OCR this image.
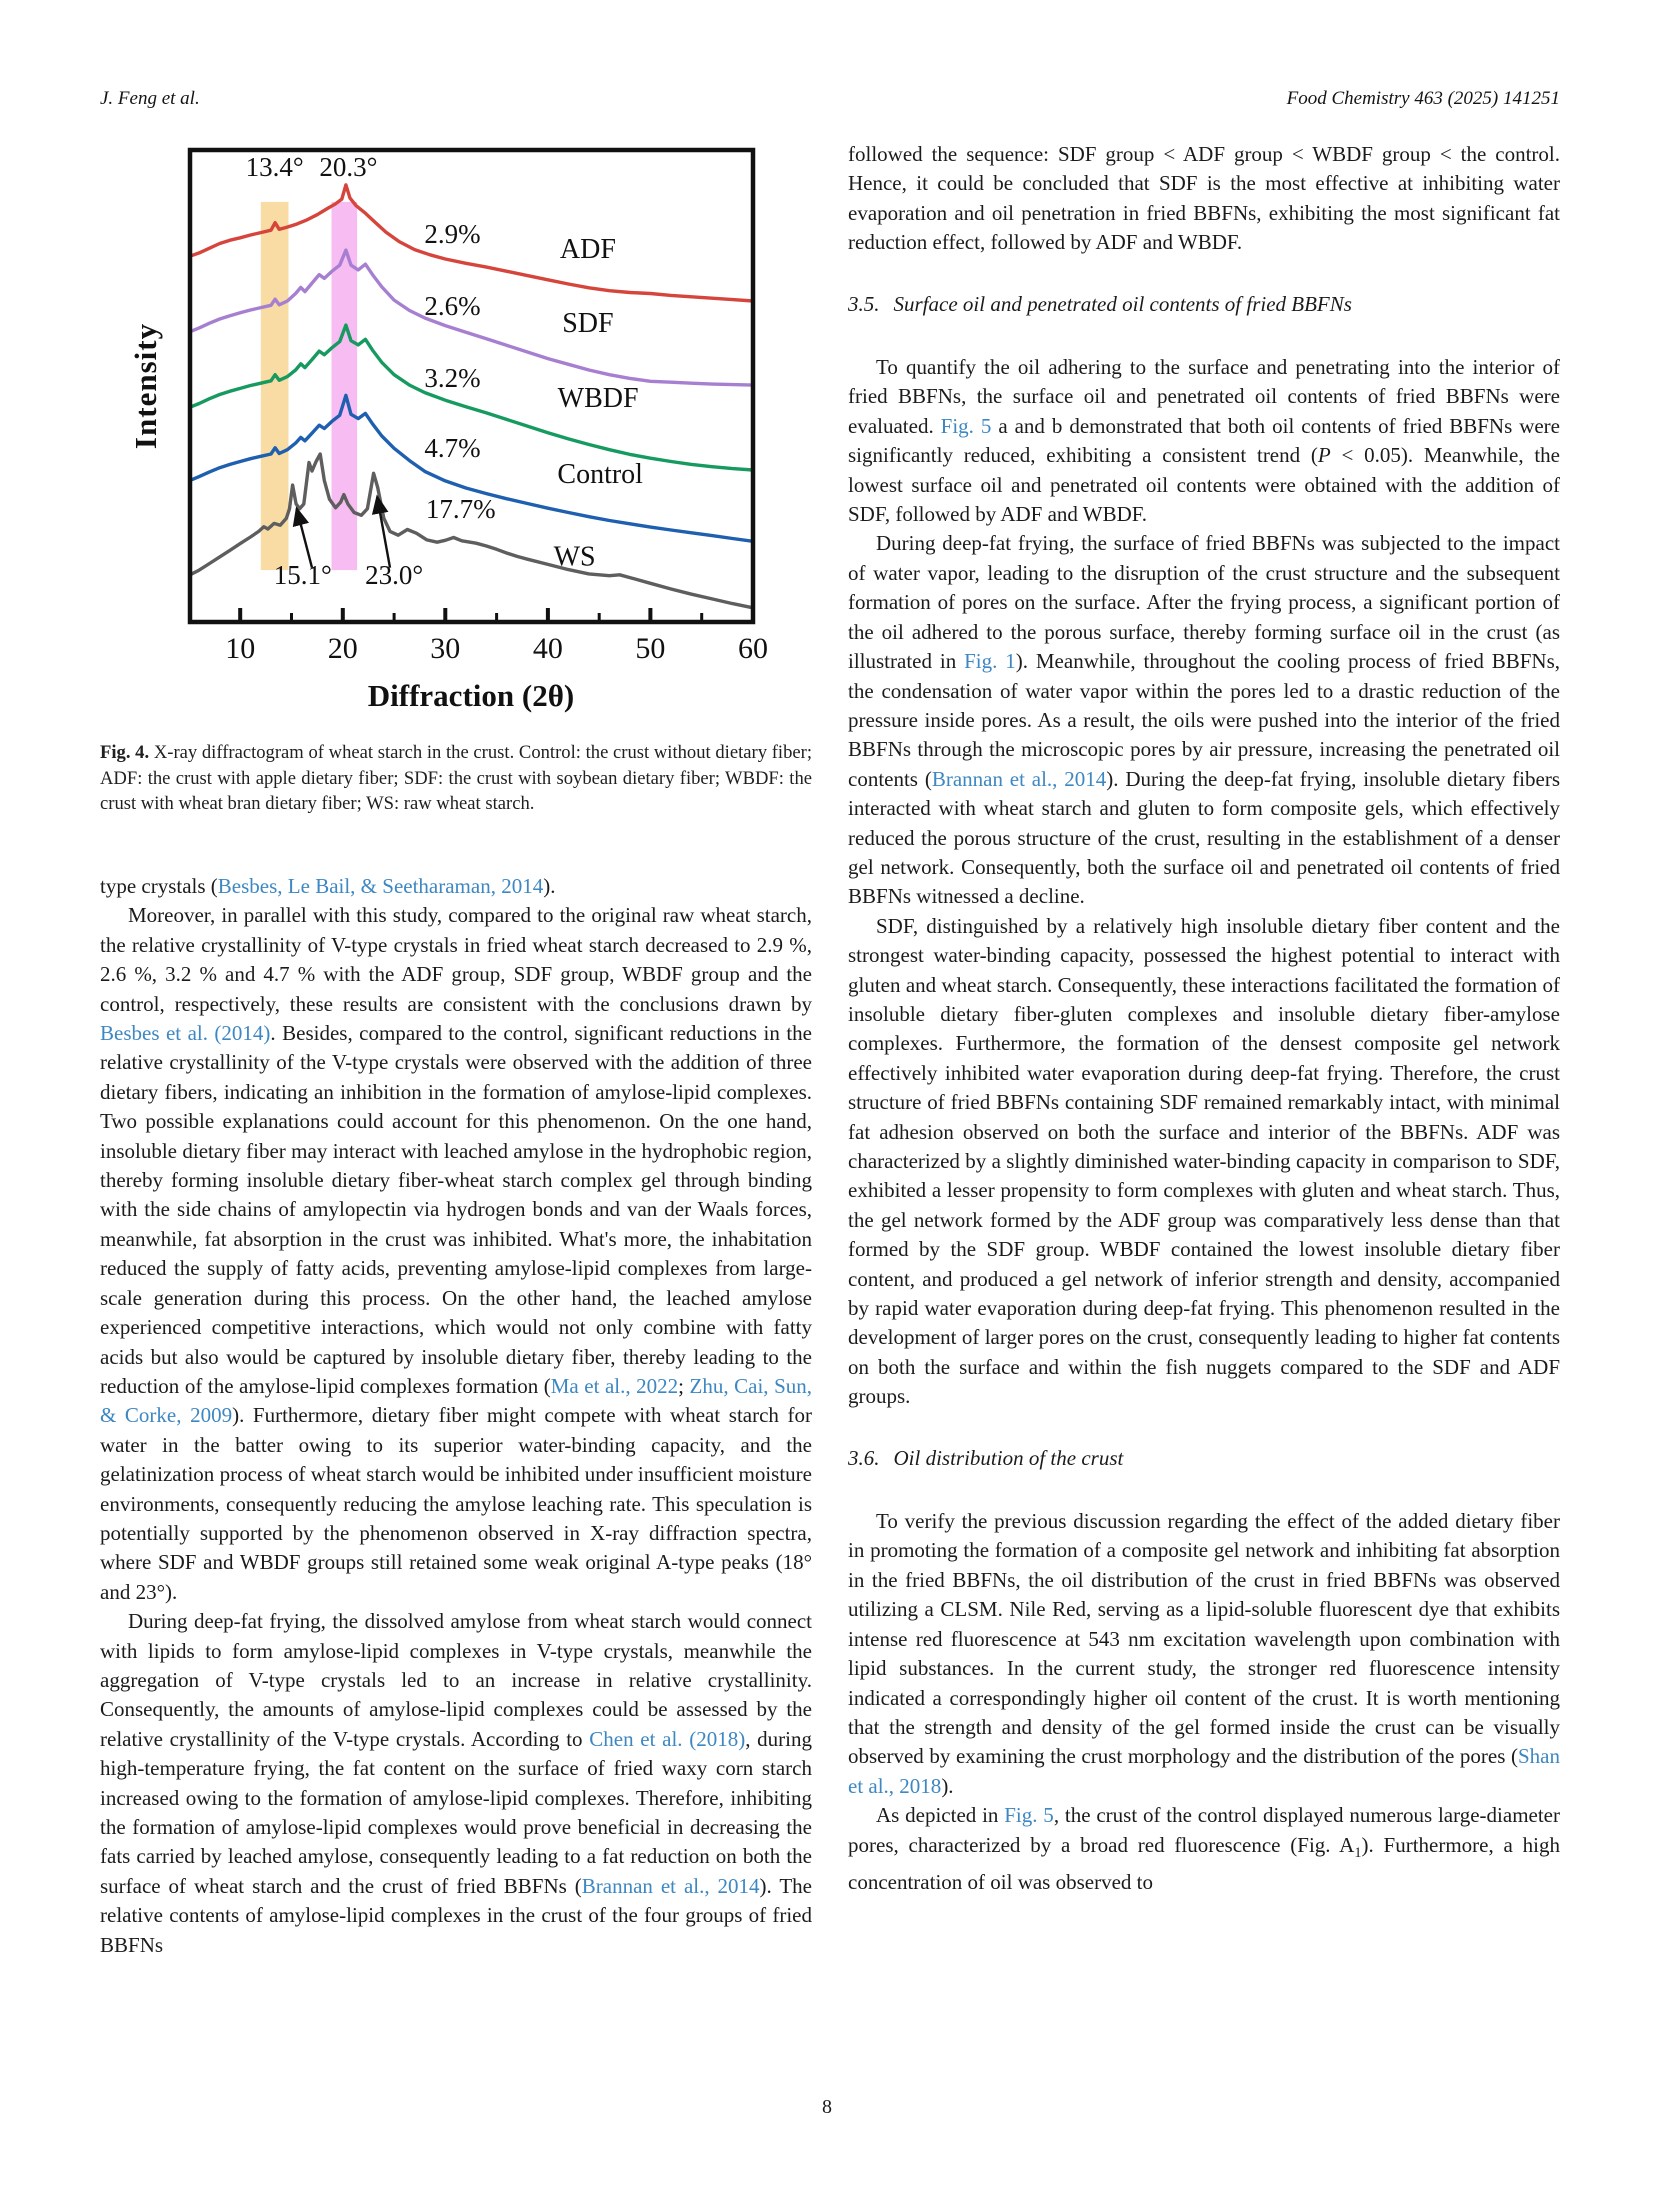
J. Feng et al.	Food Chemistry 463 (2025) 141251
2.9%
ADF
2.6%
SDF
3.2%
WBDF
4.7%
Control
17.7%
WS
13.4° 20.3°
15.1° 23.0°
10 20 30 40 50 60
Diffraction (2θ)
Intensity

Fig. 4. X-ray diffractogram of wheat starch in the crust. Control: the crust without dietary fiber; ADF: the crust with apple dietary fiber; SDF: the crust with soybean dietary fiber; WBDF: the crust with wheat bran dietary fiber; WS: raw wheat starch.

type crystals (Besbes, Le Bail, & Seetharaman, 2014).

Moreover, in parallel with this study, compared to the original raw wheat starch, the relative crystallinity of V-type crystals in fried wheat starch decreased to 2.9 %, 2.6 %, 3.2 % and 4.7 % with the ADF group, SDF group, WBDF group and the control, respectively, these results are consistent with the conclusions drawn by Besbes et al. (2014). Besides, compared to the control, significant reductions in the relative crystallinity of the V-type crystals were observed with the addition of three dietary fibers, indicating an inhibition in the formation of amylose-lipid complexes. Two possible explanations could account for this phenomenon. On the one hand, insoluble dietary fiber may interact with leached amylose in the hydrophobic region, thereby forming insoluble dietary fiber-wheat starch complex gel through binding with the side chains of amylopectin via hydrogen bonds and van der Waals forces, meanwhile, fat absorption in the crust was inhibited. What's more, the inhabitation reduced the supply of fatty acids, preventing amylose-lipid complexes from large-scale generation during this process. On the other hand, the leached amylose experienced competitive interactions, which would not only combine with fatty acids but also would be captured by insoluble dietary fiber, thereby leading to the reduction of the amylose-lipid complexes formation (Ma et al., 2022; Zhu, Cai, Sun, & Corke, 2009). Furthermore, dietary fiber might compete with wheat starch for water in the batter owing to its superior water-binding capacity, and the gelatinization process of wheat starch would be inhibited under insufficient moisture environments, consequently reducing the amylose leaching rate. This speculation is potentially supported by the phenomenon observed in X-ray diffraction spectra, where SDF and WBDF groups still retained some weak original A-type peaks (18° and 23°).

During deep-fat frying, the dissolved amylose from wheat starch would connect with lipids to form amylose-lipid complexes in V-type crystals, meanwhile the aggregation of V-type crystals led to an increase in relative crystallinity. Consequently, the amounts of amylose-lipid complexes could be assessed by the relative crystallinity of the V-type crystals. According to Chen et al. (2018), during high-temperature frying, the fat content on the surface of fried waxy corn starch increased owing to the formation of amylose-lipid complexes. Therefore, inhibiting the formation of amylose-lipid complexes would prove beneficial in decreasing the fats carried by leached amylose, consequently leading to a fat reduction on both the surface of wheat starch and the crust of fried BBFNs (Brannan et al., 2014). The relative contents of amylose-lipid complexes in the crust of the four groups of fried BBFNs

followed the sequence: SDF group < ADF group < WBDF group < the control. Hence, it could be concluded that SDF is the most effective at inhibiting water evaporation and oil penetration in fried BBFNs, exhibiting the most significant fat reduction effect, followed by ADF and WBDF.

3.5. Surface oil and penetrated oil contents of fried BBFNs

To quantify the oil adhering to the surface and penetrating into the interior of fried BBFNs, the surface oil and penetrated oil contents of fried BBFNs were evaluated. Fig. 5 a and b demonstrated that both oil contents of fried BBFNs were significantly reduced, exhibiting a consistent trend (P < 0.05). Meanwhile, the lowest surface oil and penetrated oil contents were obtained with the addition of SDF, followed by ADF and WBDF.

During deep-fat frying, the surface of fried BBFNs was subjected to the impact of water vapor, leading to the disruption of the crust structure and the subsequent formation of pores on the surface. After the frying process, a significant portion of the oil adhered to the porous surface, thereby forming surface oil in the crust (as illustrated in Fig. 1). Meanwhile, throughout the cooling process of fried BBFNs, the condensation of water vapor within the pores led to a drastic reduction of the pressure inside pores. As a result, the oils were pushed into the interior of the fried BBFNs through the microscopic pores by air pressure, increasing the penetrated oil contents (Brannan et al., 2014). During the deep-fat frying, insoluble dietary fibers interacted with wheat starch and gluten to form composite gels, which effectively reduced the porous structure of the crust, resulting in the establishment of a denser gel network. Consequently, both the surface oil and penetrated oil contents of fried BBFNs witnessed a decline.

SDF, distinguished by a relatively high insoluble dietary fiber content and the strongest water-binding capacity, possessed the highest potential to interact with gluten and wheat starch. Consequently, these interactions facilitated the formation of insoluble dietary fiber-gluten complexes and insoluble dietary fiber-amylose complexes. Furthermore, the formation of the densest composite gel network effectively inhibited water evaporation during deep-fat frying. Therefore, the crust structure of fried BBFNs containing SDF remained remarkably intact, with minimal fat adhesion observed on both the surface and interior of the BBFNs. ADF was characterized by a slightly diminished water-binding capacity in comparison to SDF, exhibited a lesser propensity to form complexes with gluten and wheat starch. Thus, the gel network formed by the ADF group was comparatively less dense than that formed by the SDF group. WBDF contained the lowest insoluble dietary fiber content, and produced a gel network of inferior strength and density, accompanied by rapid water evaporation during deep-fat frying. This phenomenon resulted in the development of larger pores on the crust, consequently leading to higher fat contents on both the surface and within the fish nuggets compared to the SDF and ADF groups.

3.6. Oil distribution of the crust

To verify the previous discussion regarding the effect of the added dietary fiber in promoting the formation of a composite gel network and inhibiting fat absorption in the fried BBFNs, the oil distribution of the crust in fried BBFNs was observed utilizing a CLSM. Nile Red, serving as a lipid-soluble fluorescent dye that exhibits intense red fluorescence at 543 nm excitation wavelength upon combination with lipid substances. In the current study, the stronger red fluorescence intensity indicated a correspondingly higher oil content of the crust. It is worth mentioning that the strength and density of the gel formed inside the crust can be visually observed by examining the crust morphology and the distribution of the pores (Shan et al., 2018).

As depicted in Fig. 5, the crust of the control displayed numerous large-diameter pores, characterized by a broad red fluorescence (Fig. $A_1$). Furthermore, a high concentration of oil was observed to

8
